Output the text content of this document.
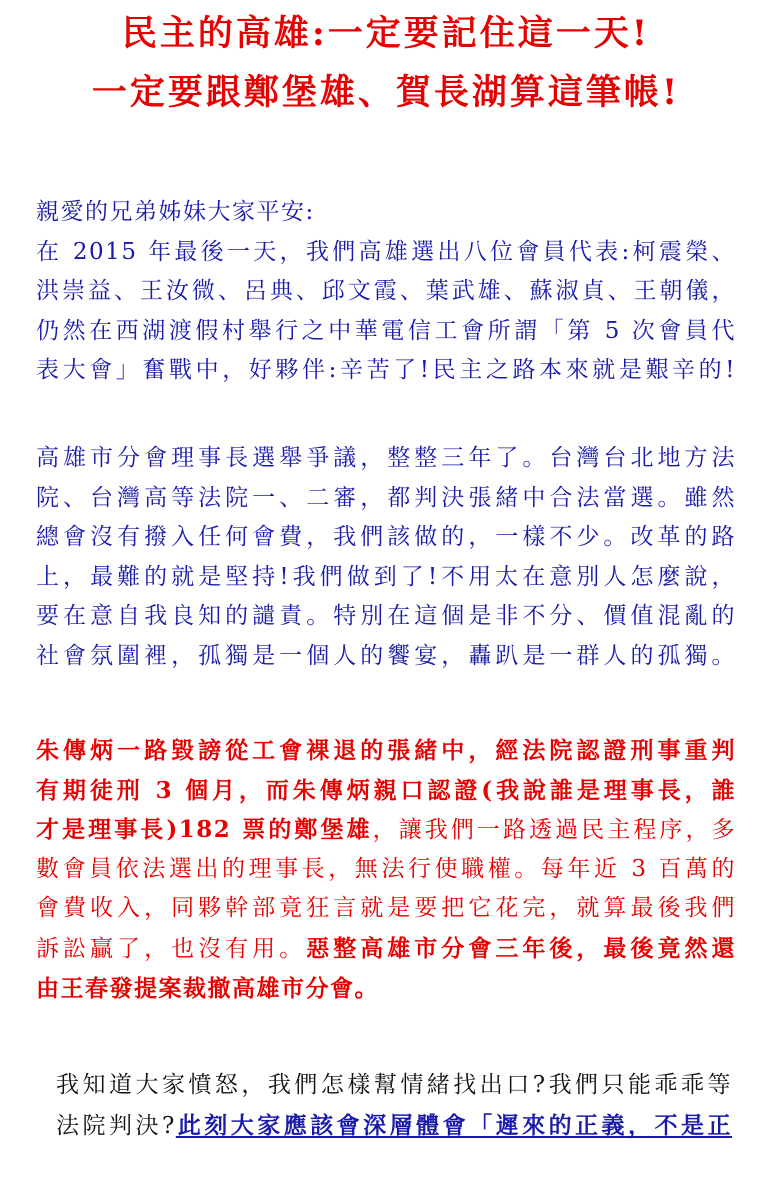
民主的高雄:一定要記住這一天!
一定要跟鄭堡雄、賀長湖算這筆帳!
親愛的兄弟姊妹大家平安:
在 2015 年最後一天，我們高雄選出八位會員代表:柯震榮、
洪崇益、王汝微、呂典、邱文霞、葉武雄、蘇淑貞、王朝儀，
仍然在西湖渡假村舉行之中華電信工會所謂「第 5 次會員代
表大會」奮戰中，好夥伴:辛苦了!民主之路本來就是艱辛的!
高雄市分會理事長選舉爭議，整整三年了。台灣台北地方法
院、台灣高等法院一、二審，都判決張緒中合法當選。雖然
總會沒有撥入任何會費，我們該做的，一樣不少。改革的路
上，最難的就是堅持!我們做到了!不用太在意別人怎麼說，
要在意自我良知的譴責。特別在這個是非不分、價值混亂的
社會氛圍裡，孤獨是一個人的饗宴，轟趴是一群人的孤獨。
朱傳炳一路毀謗從工會裸退的張緒中，經法院認證刑事重判
有期徒刑 3 個月，而朱傳炳親口認證(我說誰是理事長，誰
才是理事長)182 票的鄭堡雄，讓我們一路透過民主程序，多
數會員依法選出的理事長，無法行使職權。每年近 3 百萬的
會費收入，同夥幹部竟狂言就是要把它花完，就算最後我們
訴訟贏了，也沒有用。惡整高雄市分會三年後，最後竟然還
由王春發提案裁撤高雄市分會。
我知道大家憤怒，我們怎樣幫情緒找出口?我們只能乖乖等
法院判決?此刻大家應該會深層體會「遲來的正義，不是正
